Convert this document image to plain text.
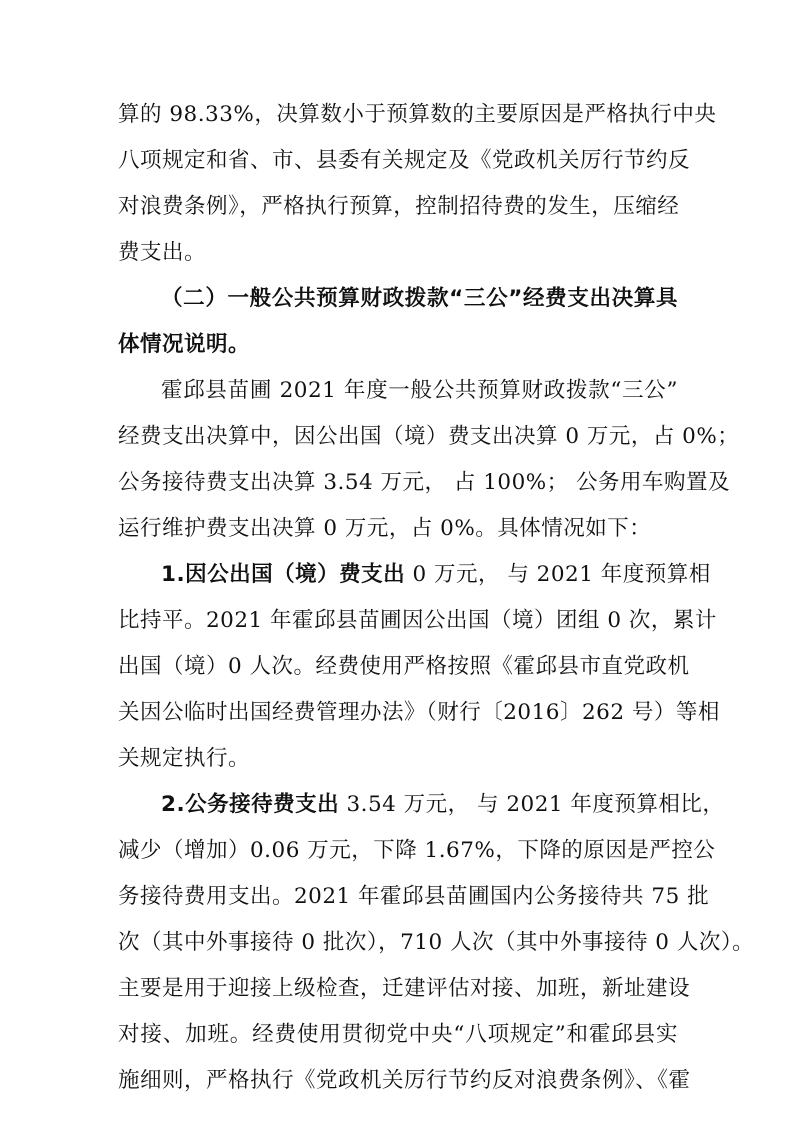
算的 98.33%，决算数小于预算数的主要原因是严格执行中央
八项规定和省、市、县委有关规定及《党政机关厉行节约反
对浪费条例》，严格执行预算，控制招待费的发生，压缩经
费支出。
（二）一般公共预算财政拨款“三公”经费支出决算具
体情况说明。
霍邱县苗圃 2021 年度一般公共预算财政拨款“三公”
经费支出决算中，因公出国（境）费支出决算 0 万元，占 0%；
公务接待费支出决算 3.54 万元， 占 100%； 公务用车购置及
运行维护费支出决算 0 万元，占 0%。具体情况如下：
1.因公出国（境）费支出 0 万元， 与 2021 年度预算相
比持平。2021 年霍邱县苗圃因公出国（境）团组 0 次，累计
出国（境）0 人次。经费使用严格按照《霍邱县市直党政机
关因公临时出国经费管理办法》（财行〔2016〕262 号）等相
关规定执行。
2.公务接待费支出 3.54 万元， 与 2021 年度预算相比，
减少（增加）0.06 万元，下降 1.67%，下降的原因是严控公
务接待费用支出。2021 年霍邱县苗圃国内公务接待共 75 批
次（其中外事接待 0 批次），710 人次（其中外事接待 0 人次）。
主要是用于迎接上级检查，迁建评估对接、加班，新址建设
对接、加班。经费使用贯彻党中央“八项规定”和霍邱县实
施细则，严格执行《党政机关厉行节约反对浪费条例》、《霍
